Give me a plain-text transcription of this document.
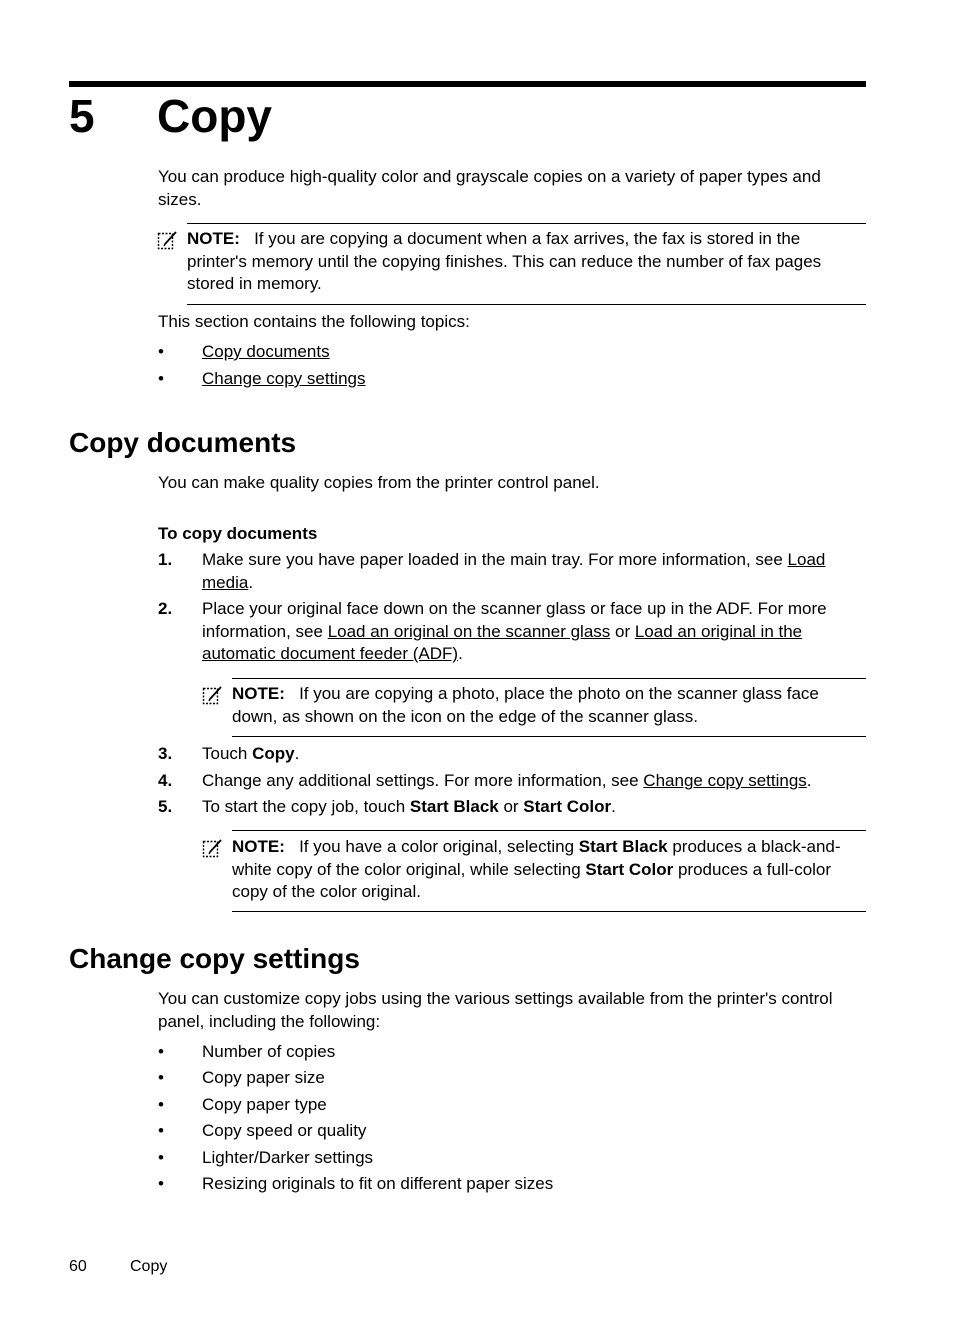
5 Copy
You can produce high-quality color and grayscale copies on a variety of paper types and sizes.
NOTE: If you are copying a document when a fax arrives, the fax is stored in the printer's memory until the copying finishes. This can reduce the number of fax pages stored in memory.
This section contains the following topics:
• Copy documents
• Change copy settings
Copy documents
You can make quality copies from the printer control panel.
To copy documents
1. Make sure you have paper loaded in the main tray. For more information, see Load media.
2. Place your original face down on the scanner glass or face up in the ADF. For more information, see Load an original on the scanner glass or Load an original in the automatic document feeder (ADF).
NOTE: If you are copying a photo, place the photo on the scanner glass face down, as shown on the icon on the edge of the scanner glass.
3. Touch Copy.
4. Change any additional settings. For more information, see Change copy settings.
5. To start the copy job, touch Start Black or Start Color.
NOTE: If you have a color original, selecting Start Black produces a black-and-white copy of the color original, while selecting Start Color produces a full-color copy of the color original.
Change copy settings
You can customize copy jobs using the various settings available from the printer's control panel, including the following:
• Number of copies
• Copy paper size
• Copy paper type
• Copy speed or quality
• Lighter/Darker settings
• Resizing originals to fit on different paper sizes
60	Copy
